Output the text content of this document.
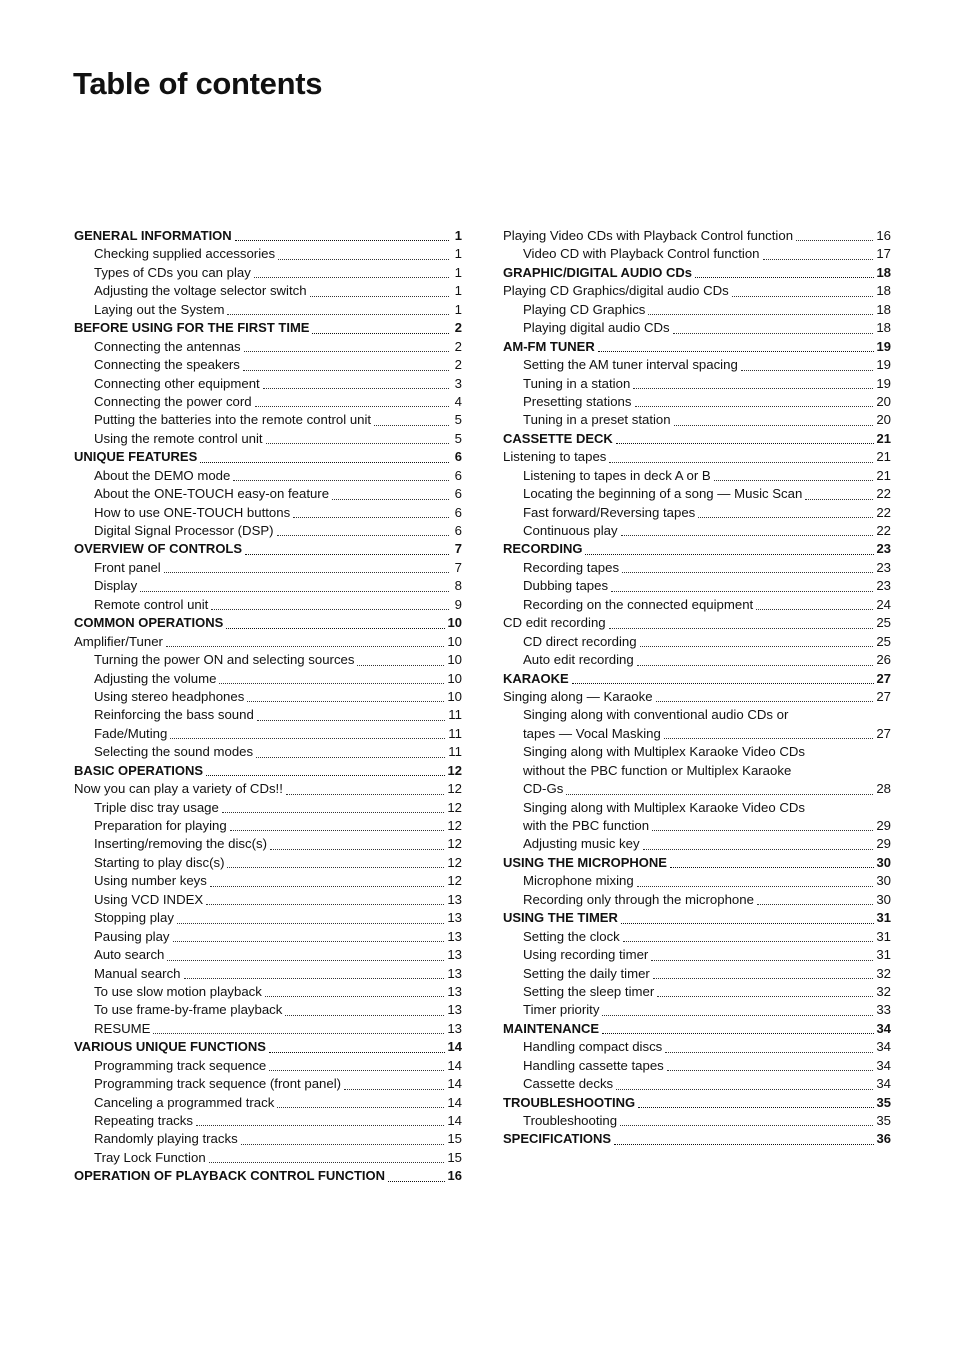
Table of contents
GENERAL INFORMATION	1
Checking supplied accessories	1
Types of CDs you can play	1
Adjusting the voltage selector switch	1
Laying out the System	1
BEFORE USING FOR THE FIRST TIME	2
Connecting the antennas	2
Connecting the speakers	2
Connecting other equipment	3
Connecting the power cord	4
Putting the batteries into the remote control unit	5
Using the remote control unit	5
UNIQUE FEATURES	6
About the DEMO mode	6
About the ONE-TOUCH easy-on feature	6
How to use ONE-TOUCH buttons	6
Digital Signal Processor (DSP)	6
OVERVIEW OF CONTROLS	7
Front panel	7
Display	8
Remote control unit	9
COMMON OPERATIONS	10
Amplifier/Tuner	10
Turning the power ON and selecting sources	10
Adjusting the volume	10
Using stereo headphones	10
Reinforcing the bass sound	11
Fade/Muting	11
Selecting the sound modes	11
BASIC OPERATIONS	12
Now you can play a variety of CDs!!	12
Triple disc tray usage	12
Preparation for playing	12
Inserting/removing the disc(s)	12
Starting to play disc(s)	12
Using number keys	12
Using VCD INDEX	13
Stopping play	13
Pausing play	13
Auto search	13
Manual search	13
To use slow motion playback	13
To use frame-by-frame playback	13
RESUME	13
VARIOUS UNIQUE FUNCTIONS	14
Programming track sequence	14
Programming track sequence (front panel)	14
Canceling a programmed track	14
Repeating tracks	14
Randomly playing tracks	15
Tray Lock Function	15
OPERATION OF PLAYBACK CONTROL FUNCTION	16
Playing Video CDs with Playback Control function	16
Video CD with Playback Control function	17
GRAPHIC/DIGITAL AUDIO CDs	18
Playing CD Graphics/digital audio CDs	18
Playing CD Graphics	18
Playing digital audio CDs	18
AM-FM TUNER	19
Setting the AM tuner interval spacing	19
Tuning in a station	19
Presetting stations	20
Tuning in a preset station	20
CASSETTE DECK	21
Listening to tapes	21
Listening to tapes in deck A or B	21
Locating the beginning of a song — Music Scan	22
Fast forward/Reversing tapes	22
Continuous play	22
RECORDING	23
Recording tapes	23
Dubbing tapes	23
Recording on the connected equipment	24
CD edit recording	25
CD direct recording	25
Auto edit recording	26
KARAOKE	27
Singing along — Karaoke	27
Singing along with conventional audio CDs or
tapes — Vocal Masking	27
Singing along with Multiplex Karaoke Video CDs
without the PBC function or Multiplex Karaoke
CD-Gs	28
Singing along with Multiplex Karaoke Video CDs
with the PBC function	29
Adjusting music key	29
USING THE MICROPHONE	30
Microphone mixing	30
Recording only through the microphone	30
USING THE TIMER	31
Setting the clock	31
Using recording timer	31
Setting the daily timer	32
Setting the sleep timer	32
Timer priority	33
MAINTENANCE	34
Handling compact discs	34
Handling cassette tapes	34
Cassette decks	34
TROUBLESHOOTING	35
Troubleshooting	35
SPECIFICATIONS	36
